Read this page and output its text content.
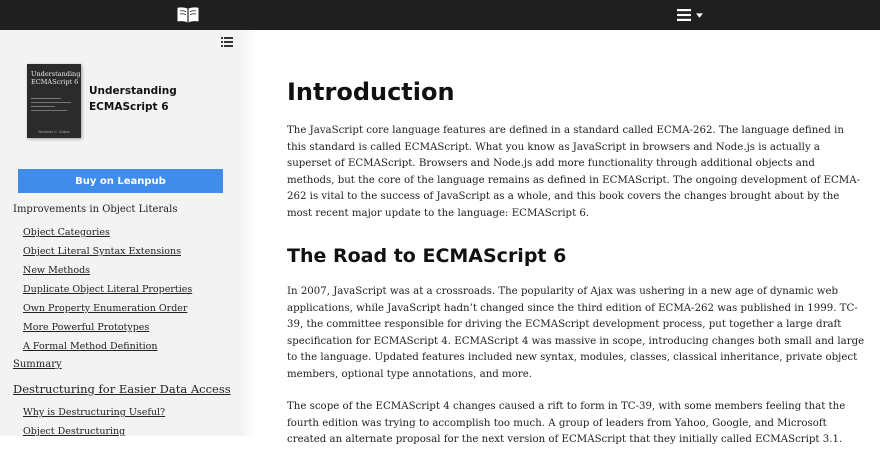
Understanding ECMAScript 6
Nicholas C. Zakas
Understanding ECMAScript 6
Buy on Leanpub
Improvements in Object Literals
Object Categories
Object Literal Syntax Extensions
New Methods
Duplicate Object Literal Properties
Own Property Enumeration Order
More Powerful Prototypes
A Formal Method Definition
Summary
Destructuring for Easier Data Access
Why is Destructuring Useful?
Object Destructuring
Introduction

The JavaScript core language features are defined in a standard called ECMA-262. The language defined in this standard is called ECMAScript. What you know as JavaScript in browsers and Node.js is actually a superset of ECMAScript. Browsers and Node.js add more functionality through additional objects and methods, but the core of the language remains as defined in ECMAScript. The ongoing development of ECMA-262 is vital to the success of JavaScript as a whole, and this book covers the changes brought about by the most recent major update to the language: ECMAScript 6.

The Road to ECMAScript 6

In 2007, JavaScript was at a crossroads. The popularity of Ajax was ushering in a new age of dynamic web applications, while JavaScript hadn’t changed since the third edition of ECMA-262 was published in 1999. TC-39, the committee responsible for driving the ECMAScript development process, put together a large draft specification for ECMAScript 4. ECMAScript 4 was massive in scope, introducing changes both small and large to the language. Updated features included new syntax, modules, classes, classical inheritance, private object members, optional type annotations, and more.

The scope of the ECMAScript 4 changes caused a rift to form in TC-39, with some members feeling that the fourth edition was trying to accomplish too much. A group of leaders from Yahoo, Google, and Microsoft created an alternate proposal for the next version of ECMAScript that they initially called ECMAScript 3.1.
